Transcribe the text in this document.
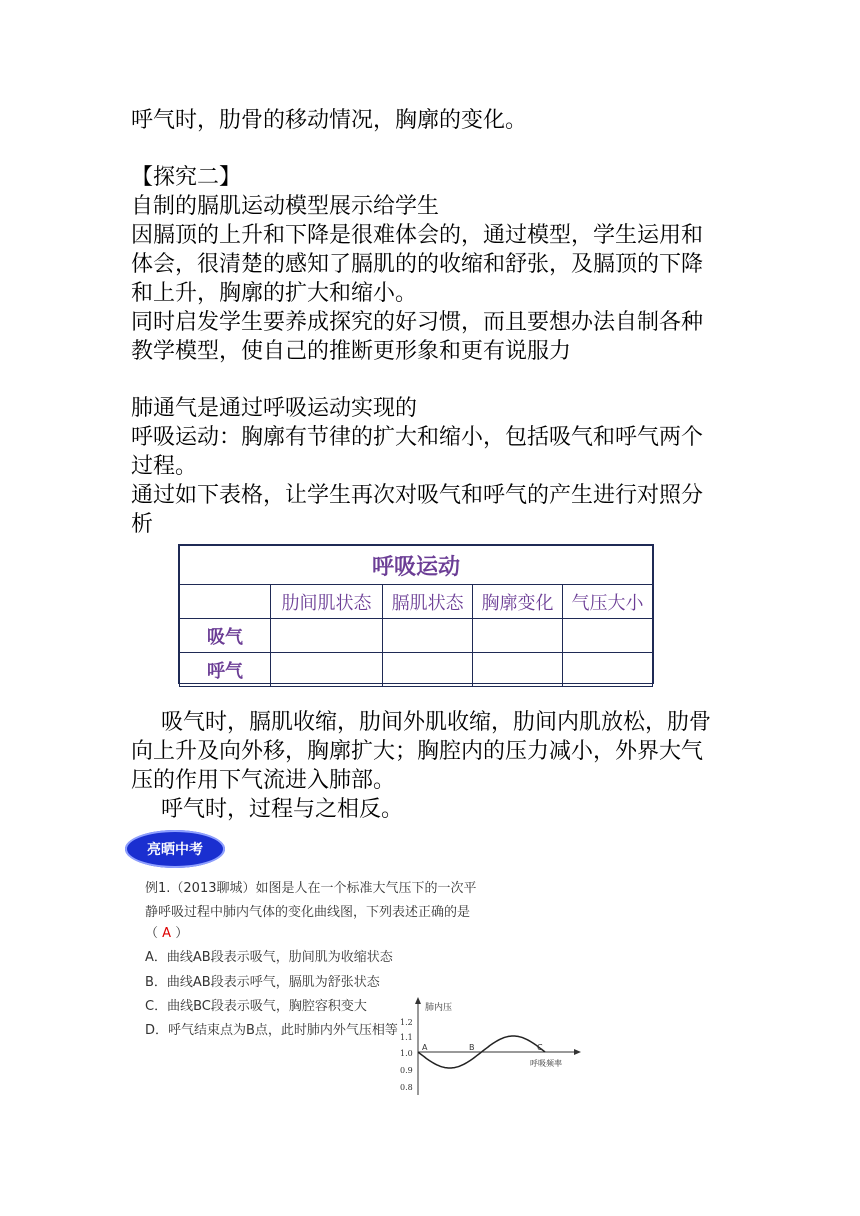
呼气时，肋骨的移动情况，胸廓的变化。
【探究二】
自制的膈肌运动模型展示给学生
因膈顶的上升和下降是很难体会的，通过模型，学生运用和
体会，很清楚的感知了膈肌的的收缩和舒张，及膈顶的下降
和上升，胸廓的扩大和缩小。
同时启发学生要养成探究的好习惯，而且要想办法自制各种
教学模型，使自己的推断更形象和更有说服力
肺通气是通过呼吸运动实现的
呼吸运动：胸廓有节律的扩大和缩小，包括吸气和呼气两个
过程。
通过如下表格，让学生再次对吸气和呼气的产生进行对照分
析
呼吸运动				
	肋间肌状态	膈肌状态	胸廓变化	气压大小
吸气				
呼气				
吸气时，膈肌收缩，肋间外肌收缩，肋间内肌放松，肋骨
向上升及向外移，胸廓扩大；胸腔内的压力减小，外界大气
压的作用下气流进入肺部。
呼气时，过程与之相反。
亮晒中考
例1.（2013聊城）如图是人在一个标准大气压下的一次平
静呼吸过程中肺内气体的变化曲线图，下列表述正确的是
（ A ）
A．曲线AB段表示吸气，肋间肌为收缩状态
B．曲线AB段表示呼气，膈肌为舒张状态
C．曲线BC段表示吸气，胸腔容积变大
D．呼气结束点为B点，此时肺内外气压相等
肺内压
呼吸频率
1.2
1.1
1.0
0.9
0.8
A	B	C
